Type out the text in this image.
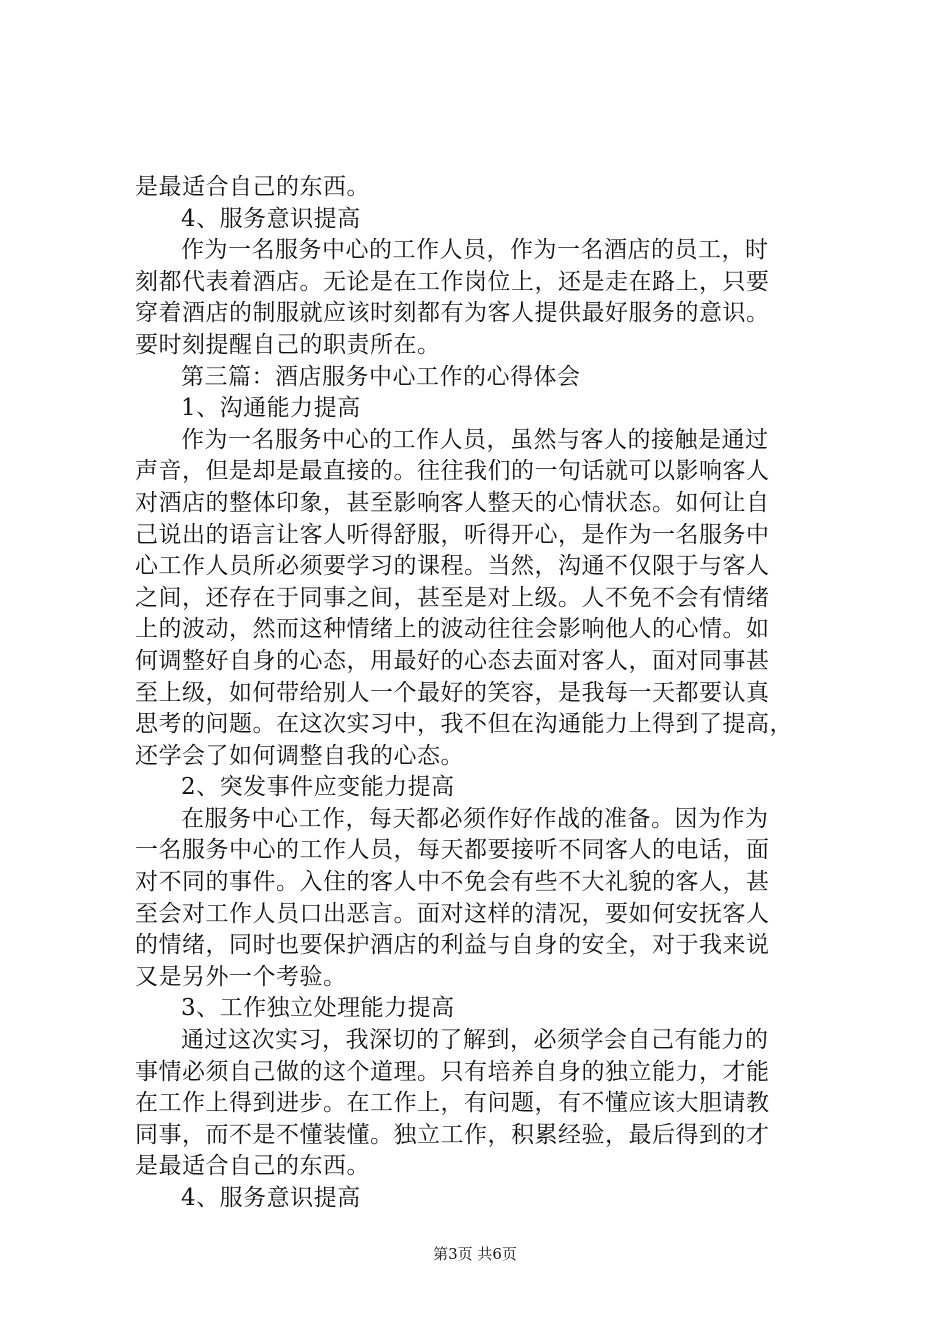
是最适合自己的东西。
4、服务意识提高
作为一名服务中心的工作人员，作为一名酒店的员工，时
刻都代表着酒店。无论是在工作岗位上，还是走在路上，只要
穿着酒店的制服就应该时刻都有为客人提供最好服务的意识。
要时刻提醒自己的职责所在。
第三篇：酒店服务中心工作的心得体会
1、沟通能力提高
作为一名服务中心的工作人员，虽然与客人的接触是通过
声音，但是却是最直接的。往往我们的一句话就可以影响客人
对酒店的整体印象，甚至影响客人整天的心情状态。如何让自
己说出的语言让客人听得舒服，听得开心，是作为一名服务中
心工作人员所必须要学习的课程。当然，沟通不仅限于与客人
之间，还存在于同事之间，甚至是对上级。人不免不会有情绪
上的波动，然而这种情绪上的波动往往会影响他人的心情。如
何调整好自身的心态，用最好的心态去面对客人，面对同事甚
至上级，如何带给别人一个最好的笑容，是我每一天都要认真
思考的问题。在这次实习中，我不但在沟通能力上得到了提高，
还学会了如何调整自我的心态。
2、突发事件应变能力提高
在服务中心工作，每天都必须作好作战的准备。因为作为
一名服务中心的工作人员，每天都要接听不同客人的电话，面
对不同的事件。入住的客人中不免会有些不大礼貌的客人，甚
至会对工作人员口出恶言。面对这样的清况，要如何安抚客人
的情绪，同时也要保护酒店的利益与自身的安全，对于我来说
又是另外一个考验。
3、工作独立处理能力提高
通过这次实习，我深切的了解到，必须学会自己有能力的
事情必须自己做的这个道理。只有培养自身的独立能力，才能
在工作上得到进步。在工作上，有问题，有不懂应该大胆请教
同事，而不是不懂装懂。独立工作，积累经验，最后得到的才
是最适合自己的东西。
4、服务意识提高
第3页 共6页
